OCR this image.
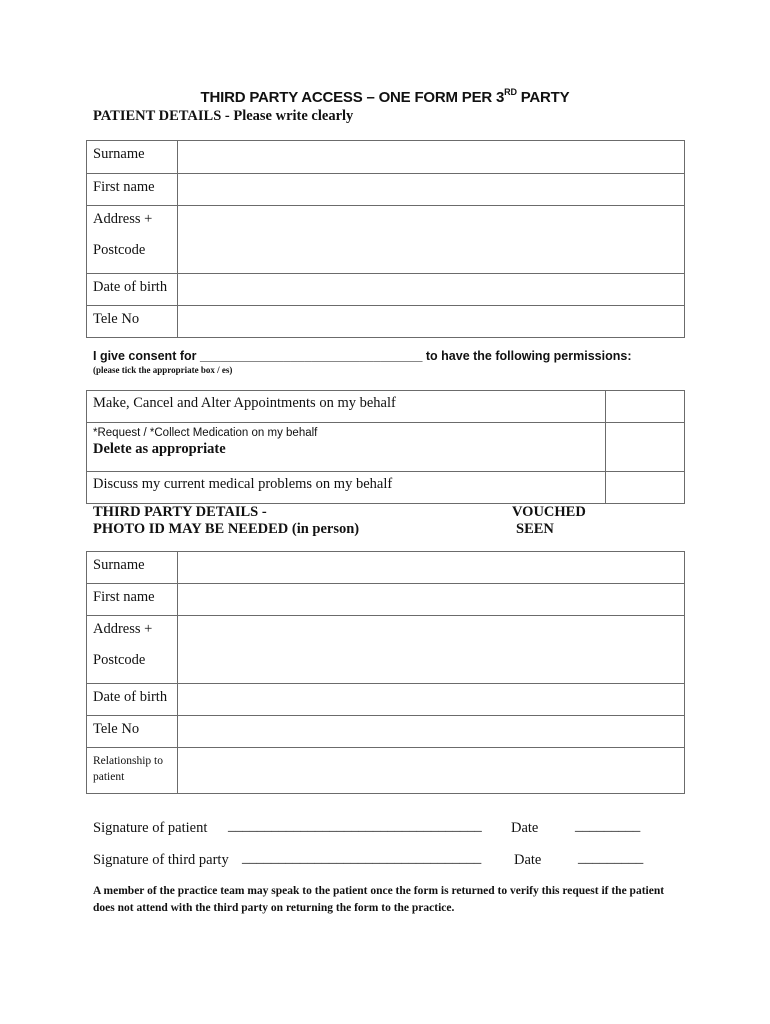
THIRD PARTY ACCESS – ONE FORM PER 3RD PARTY
PATIENT DETAILS - Please write clearly
Surname	
First name	

Address +
Postcode	

Date of birth	
Tele No	
I give consent for ________________________________ to have the following permissions:
(please tick the appropriate box / es)
Make, Cancel and Alter Appointments on my behalf	

*Request / *Collect Medication on my behalf
Delete as appropriate	

Discuss my current medical problems on my behalf	
THIRD PARTY DETAILS -
PHOTO ID MAY BE NEEDED (in person)
VOUCHED
SEEN
Surname	
First name	

Address +
Postcode	

Date of birth	
Tele No	

Relationship to
patient	

Signature of patient ___________________________________ Date	_________
Signature of third party _________________________________ Date	_________
A member of the practice team may speak to the patient once the form is returned to verify this request if the patient does not attend with the third party on returning the form to the practice.
